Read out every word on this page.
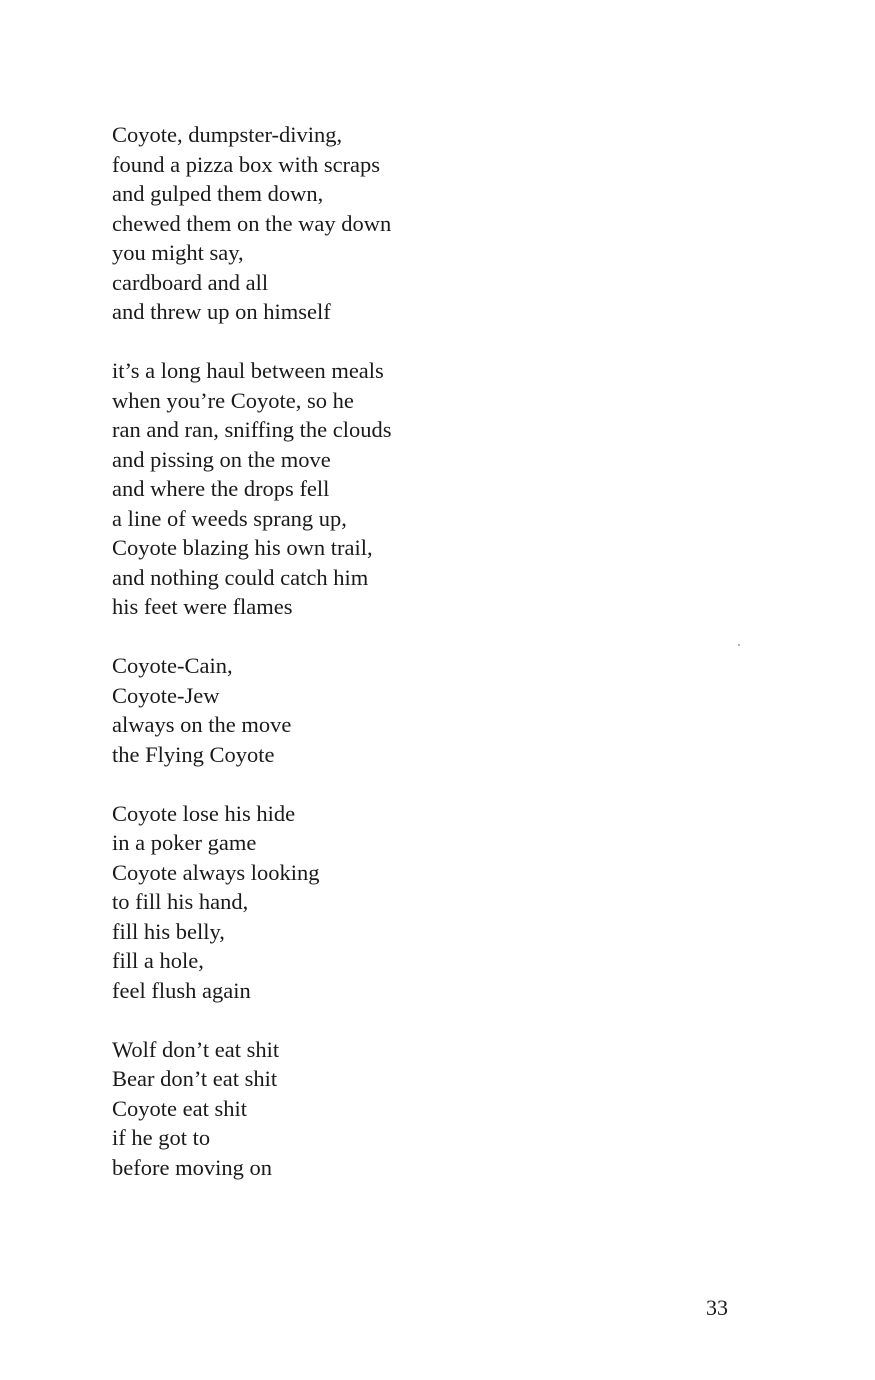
Coyote, dumpster-diving,
found a pizza box with scraps
and gulped them down,
chewed them on the way down
you might say,
cardboard and all
and threw up on himself
it’s a long haul between meals
when you’re Coyote, so he
ran and ran, sniffing the clouds
and pissing on the move
and where the drops fell
a line of weeds sprang up,
Coyote blazing his own trail,
and nothing could catch him
his feet were flames
Coyote-Cain,
Coyote-Jew
always on the move
the Flying Coyote
Coyote lose his hide
in a poker game
Coyote always looking
to fill his hand,
fill his belly,
fill a hole,
feel flush again
Wolf don’t eat shit
Bear don’t eat shit
Coyote eat shit
if he got to
before moving on
33
